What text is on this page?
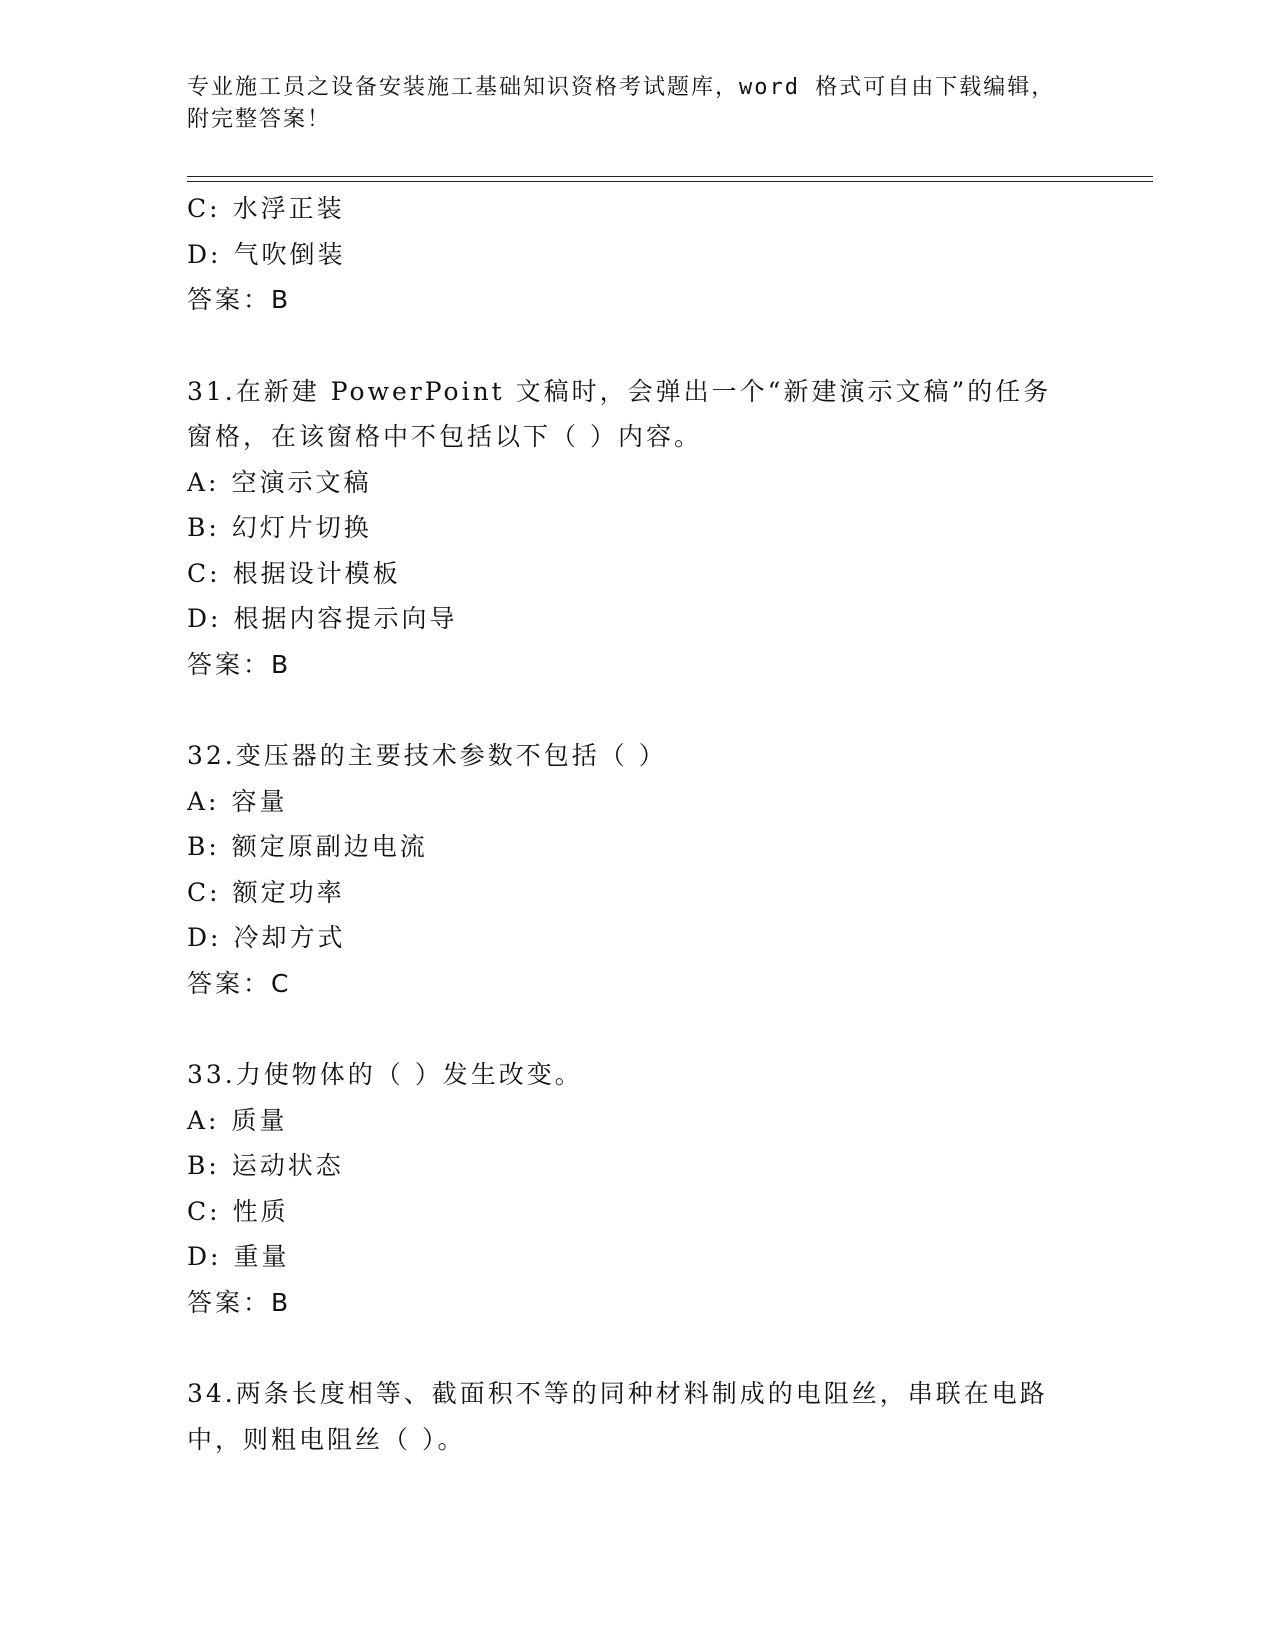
专业施工员之设备安装施工基础知识资格考试题库，word 格式可自由下载编辑，
附完整答案！
C: 水浮正装
D: 气吹倒装
答案：B
31.在新建 PowerPoint 文稿时，会弹出一个“新建演示文稿”的任务
窗格，在该窗格中不包括以下（ ）内容。
A: 空演示文稿
B: 幻灯片切换
C: 根据设计模板
D: 根据内容提示向导
答案：B
32.变压器的主要技术参数不包括（ ）
A: 容量
B: 额定原副边电流
C: 额定功率
D: 冷却方式
答案：C
33.力使物体的（ ）发生改变。
A: 质量
B: 运动状态
C: 性质
D: 重量
答案：B
34.两条长度相等、截面积不等的同种材料制成的电阻丝，串联在电路
中，则粗电阻丝（ ）。
